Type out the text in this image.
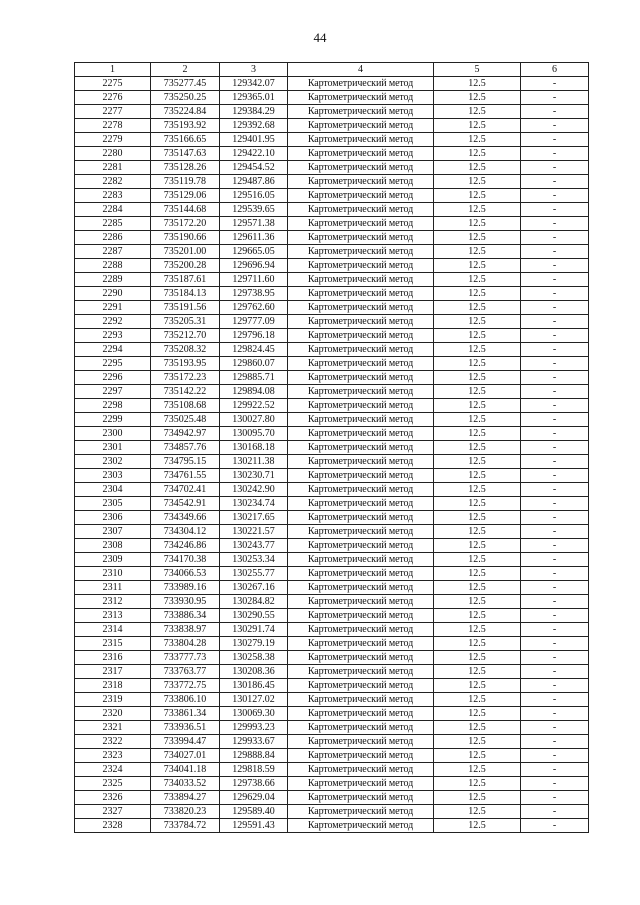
44
1	2	3	4	5	6
2275	735277.45	129342.07	Картометрический метод	12.5	-
2276	735250.25	129365.01	Картометрический метод	12.5	-
2277	735224.84	129384.29	Картометрический метод	12.5	-
2278	735193.92	129392.68	Картометрический метод	12.5	-
2279	735166.65	129401.95	Картометрический метод	12.5	-
2280	735147.63	129422.10	Картометрический метод	12.5	-
2281	735128.26	129454.52	Картометрический метод	12.5	-
2282	735119.78	129487.86	Картометрический метод	12.5	-
2283	735129.06	129516.05	Картометрический метод	12.5	-
2284	735144.68	129539.65	Картометрический метод	12.5	-
2285	735172.20	129571.38	Картометрический метод	12.5	-
2286	735190.66	129611.36	Картометрический метод	12.5	-
2287	735201.00	129665.05	Картометрический метод	12.5	-
2288	735200.28	129696.94	Картометрический метод	12.5	-
2289	735187.61	129711.60	Картометрический метод	12.5	-
2290	735184.13	129738.95	Картометрический метод	12.5	-
2291	735191.56	129762.60	Картометрический метод	12.5	-
2292	735205.31	129777.09	Картометрический метод	12.5	-
2293	735212.70	129796.18	Картометрический метод	12.5	-
2294	735208.32	129824.45	Картометрический метод	12.5	-
2295	735193.95	129860.07	Картометрический метод	12.5	-
2296	735172.23	129885.71	Картометрический метод	12.5	-
2297	735142.22	129894.08	Картометрический метод	12.5	-
2298	735108.68	129922.52	Картометрический метод	12.5	-
2299	735025.48	130027.80	Картометрический метод	12.5	-
2300	734942.97	130095.70	Картометрический метод	12.5	-
2301	734857.76	130168.18	Картометрический метод	12.5	-
2302	734795.15	130211.38	Картометрический метод	12.5	-
2303	734761.55	130230.71	Картометрический метод	12.5	-
2304	734702.41	130242.90	Картометрический метод	12.5	-
2305	734542.91	130234.74	Картометрический метод	12.5	-
2306	734349.66	130217.65	Картометрический метод	12.5	-
2307	734304.12	130221.57	Картометрический метод	12.5	-
2308	734246.86	130243.77	Картометрический метод	12.5	-
2309	734170.38	130253.34	Картометрический метод	12.5	-
2310	734066.53	130255.77	Картометрический метод	12.5	-
2311	733989.16	130267.16	Картометрический метод	12.5	-
2312	733930.95	130284.82	Картометрический метод	12.5	-
2313	733886.34	130290.55	Картометрический метод	12.5	-
2314	733838.97	130291.74	Картометрический метод	12.5	-
2315	733804.28	130279.19	Картометрический метод	12.5	-
2316	733777.73	130258.38	Картометрический метод	12.5	-
2317	733763.77	130208.36	Картометрический метод	12.5	-
2318	733772.75	130186.45	Картометрический метод	12.5	-
2319	733806.10	130127.02	Картометрический метод	12.5	-
2320	733861.34	130069.30	Картометрический метод	12.5	-
2321	733936.51	129993.23	Картометрический метод	12.5	-
2322	733994.47	129933.67	Картометрический метод	12.5	-
2323	734027.01	129888.84	Картометрический метод	12.5	-
2324	734041.18	129818.59	Картометрический метод	12.5	-
2325	734033.52	129738.66	Картометрический метод	12.5	-
2326	733894.27	129629.04	Картометрический метод	12.5	-
2327	733820.23	129589.40	Картометрический метод	12.5	-
2328	733784.72	129591.43	Картометрический метод	12.5	-
